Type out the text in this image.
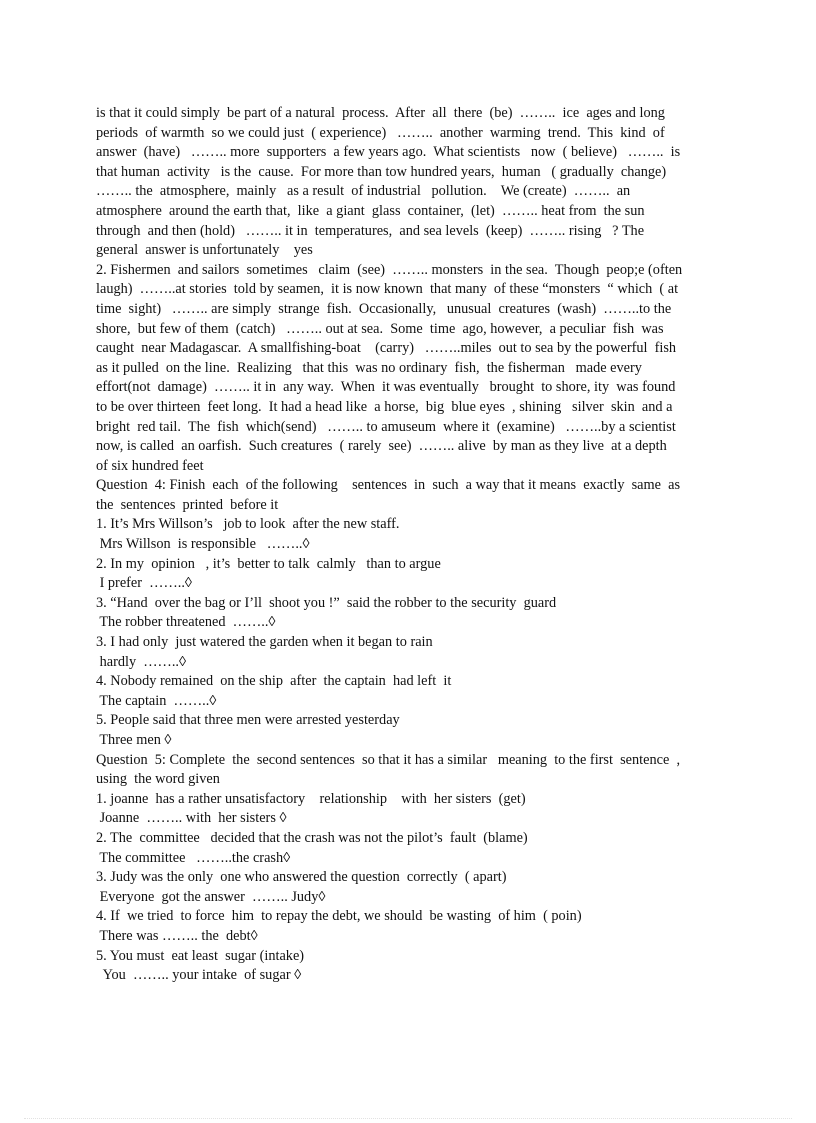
is that it could simply  be part of a natural  process.  After  all  there  (be)  ……..  ice  ages and long
periods  of warmth  so we could just  ( experience)   ……..  another  warming  trend.  This  kind  of
answer  (have)   …….. more  supporters  a few years ago.  What scientists   now  ( believe)   ……..  is
that human  activity   is the  cause.  For more than tow hundred years,  human   ( gradually  change)
…….. the  atmosphere,  mainly   as a result  of industrial   pollution.    We (create)  ……..  an
atmosphere  around the earth that,  like  a giant  glass  container,  (let)  …….. heat from  the sun
through  and then (hold)   …….. it in  temperatures,  and sea levels  (keep)  …….. rising   ? The
general  answer is unfortunately    yes
2. Fishermen  and sailors  sometimes   claim  (see)  …….. monsters  in the sea.  Though  peop;e (often
laugh)  ……..at stories  told by seamen,  it is now known  that many  of these “monsters  “ which  ( at
time  sight)   …….. are simply  strange  fish.  Occasionally,   unusual  creatures  (wash)  ……..to the
shore,  but few of them  (catch)   …….. out at sea.  Some  time  ago, however,  a peculiar  fish  was
caught  near Madagascar.  A smallfishing-boat    (carry)   ……..miles  out to sea by the powerful  fish
as it pulled  on the line.  Realizing   that this  was no ordinary  fish,  the fisherman   made every
effort(not  damage)  …….. it in  any way.  When  it was eventually   brought  to shore, ity  was found
to be over thirteen  feet long.  It had a head like  a horse,  big  blue eyes  , shining   silver  skin  and a
bright  red tail.  The  fish  which(send)   …….. to amuseum  where it  (examine)   ……..by a scientist
now, is called  an oarfish.  Such creatures  ( rarely  see)  …….. alive  by man as they live  at a depth
of six hundred feet
Question  4: Finish  each  of the following    sentences  in  such  a way that it means  exactly  same  as
the  sentences  printed  before it
1. It’s Mrs Willson’s   job to look  after the new staff.
Mrs Willson  is responsible   ……..◊
2. In my  opinion   , it’s  better to talk  calmly   than to argue
I prefer  ……..◊
3. “Hand  over the bag or I’ll  shoot you !”  said the robber to the security  guard
The robber threatened  ……..◊
3. I had only  just watered the garden when it began to rain
hardly  ……..◊
4. Nobody remained  on the ship  after  the captain  had left  it
The captain  ……..◊
5. People said that three men were arrested yesterday
Three men ◊
Question  5: Complete  the  second sentences  so that it has a similar   meaning  to the first  sentence  ,
using  the word given
1. joanne  has a rather unsatisfactory    relationship    with  her sisters  (get)
Joanne  …….. with  her sisters ◊
2. The  committee   decided that the crash was not the pilot’s  fault  (blame)
The committee   ……..the crash◊
3. Judy was the only  one who answered the question  correctly  ( apart)
Everyone  got the answer  …….. Judy◊
4. If  we tried  to force  him  to repay the debt, we should  be wasting  of him  ( poin)
There was …….. the  debt◊
5. You must  eat least  sugar (intake)
You  …….. your intake  of sugar ◊
